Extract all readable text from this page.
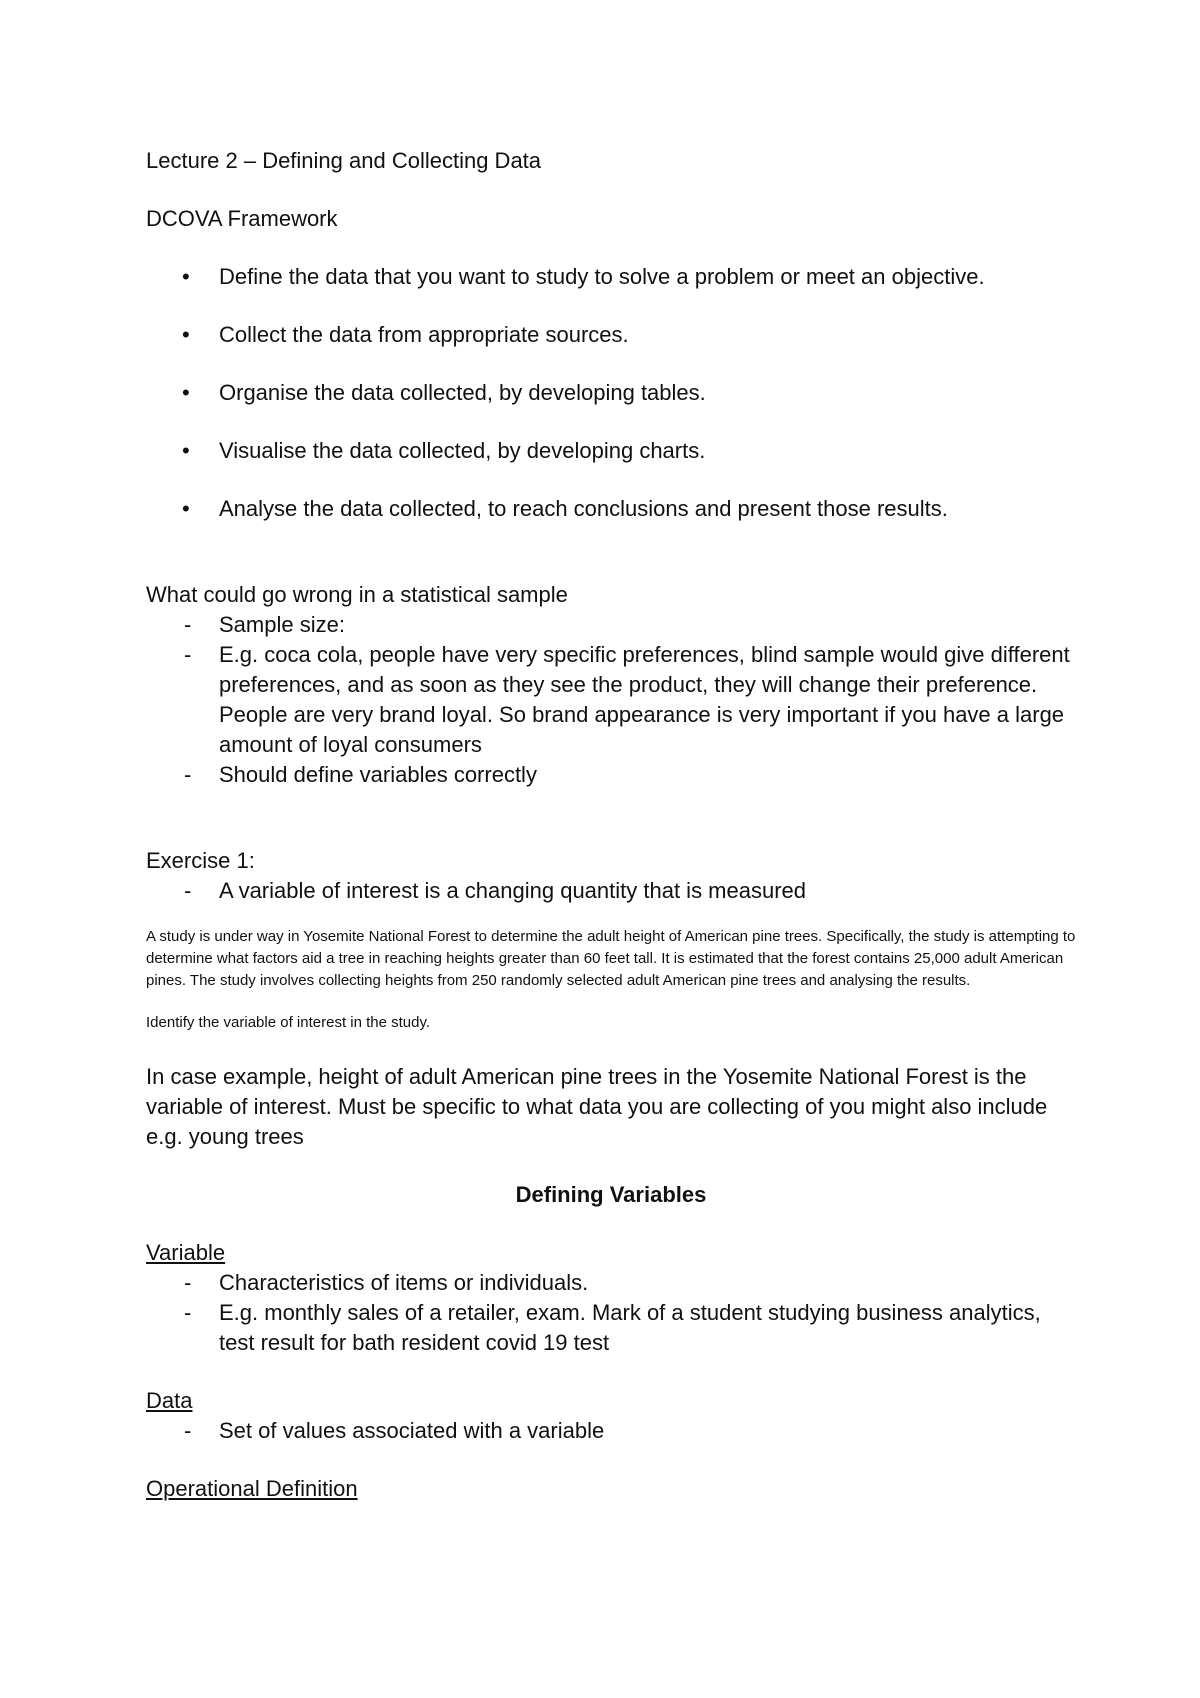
Lecture 2 – Defining and Collecting Data

DCOVA Framework

• Define the data that you want to study to solve a problem or meet an objective.
• Collect the data from appropriate sources.
• Organise the data collected, by developing tables.
• Visualise the data collected, by developing charts.
• Analyse the data collected, to reach conclusions and present those results.

What could go wrong in a statistical sample

- Sample size:
- E.g. coca cola, people have very specific preferences, blind sample would give different preferences, and as soon as they see the product, they will change their preference. People are very brand loyal. So brand appearance is very important if you have a large amount of loyal consumers
- Should define variables correctly

Exercise 1:

- A variable of interest is a changing quantity that is measured

A study is under way in Yosemite National Forest to determine the adult height of American pine trees. Specifically, the study is attempting to determine what factors aid a tree in reaching heights greater than 60 feet tall. It is estimated that the forest contains 25,000 adult American pines. The study involves collecting heights from 250 randomly selected adult American pine trees and analysing the results.

Identify the variable of interest in the study.

In case example, height of adult American pine trees in the Yosemite National Forest is the variable of interest. Must be specific to what data you are collecting of you might also include e.g. young trees

Defining Variables

Variable

- Characteristics of items or individuals.
- E.g. monthly sales of a retailer, exam. Mark of a student studying business analytics, test result for bath resident covid 19 test

Data

- Set of values associated with a variable

Operational Definition
